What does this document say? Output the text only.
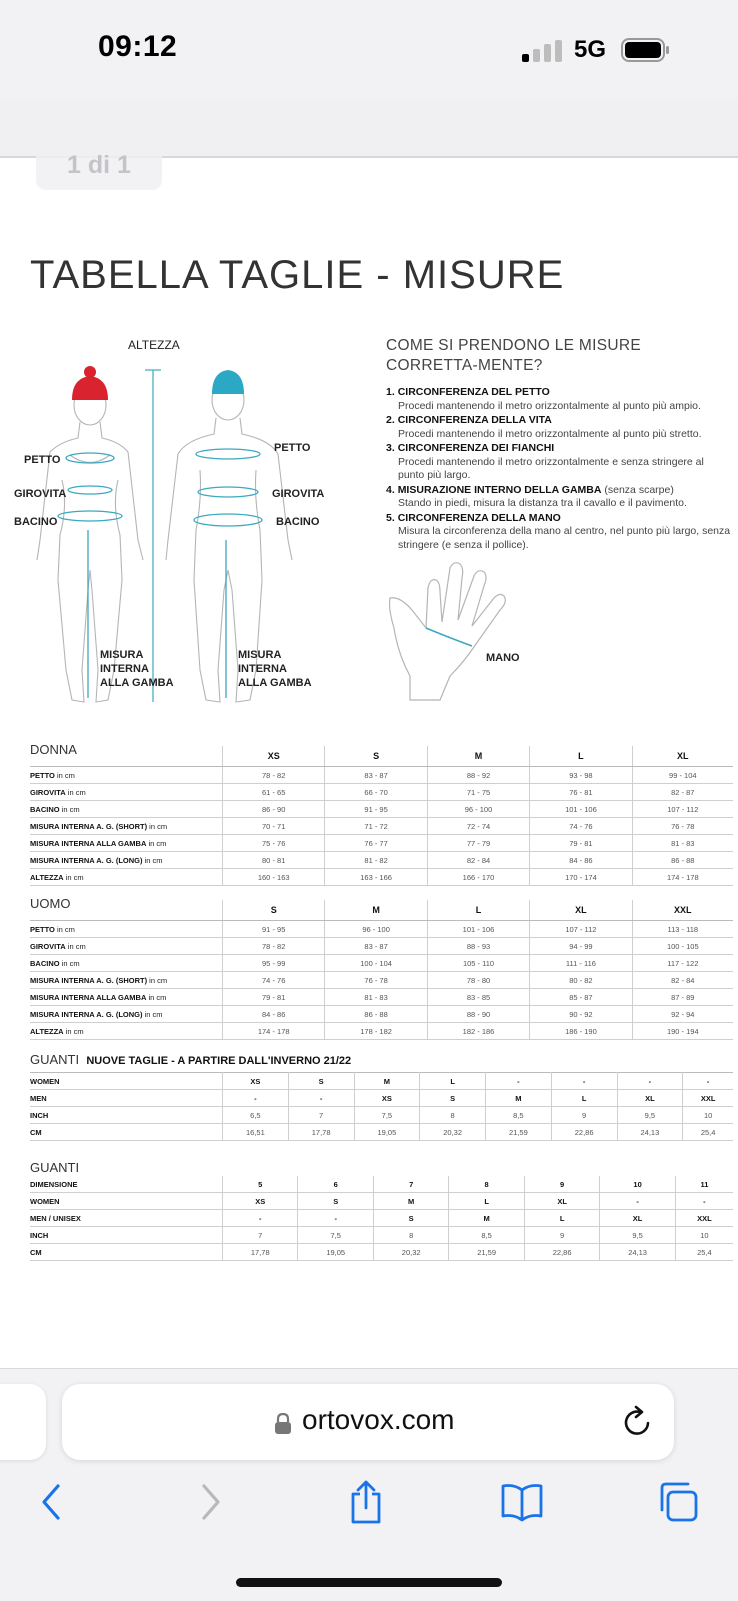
09:12	5G
TABELLA TAGLIE - MISURE
ALTEZZA
PETTO
GIROVITA
BACINO
PETTO
GIROVITA
BACINO
MISURA
INTERNA
ALLA GAMBA
MISURA
INTERNA
ALLA GAMBA
COME SI PRENDONO LE MISURE CORRETTA-MENTE?
1. CIRCONFERENZA DEL PETTO
Procedi mantenendo il metro orizzontalmente al punto più ampio.
2. CIRCONFERENZA DELLA VITA
Procedi mantenendo il metro orizzontalmente al punto più stretto.
3. CIRCONFERENZA DEI FIANCHI
Procedi mantenendo il metro orizzontalmente e senza stringere al punto più largo.
4. MISURAZIONE INTERNO DELLA GAMBA (senza scarpe)
Stando in piedi, misura la distanza tra il cavallo e il pavimento.
5. CIRCONFERENZA DELLA MANO
Misura la circonferenza della mano al centro, nel punto più largo, senza stringere (e senza il pollice).
MANO
DONNA
		XS	S	M	L	XL
PETTO in cm	78 - 82	83 - 87	88 - 92	93 - 98	99 - 104
GIROVITA in cm	61 - 65	66 - 70	71 - 75	76 - 81	82 - 87
BACINO in cm	86 - 90	91 - 95	96 - 100	101 - 106	107 - 112
MISURA INTERNA A. G. (SHORT) in cm	70 - 71	71 - 72	72 - 74	74 - 76	76 - 78
MISURA INTERNA ALLA GAMBA in cm	75 - 76	76 - 77	77 - 79	79 - 81	81 - 83
MISURA INTERNA A. G. (LONG) in cm	80 - 81	81 - 82	82 - 84	84 - 86	86 - 88
ALTEZZA in cm	160 - 163	163 - 166	166 - 170	170 - 174	174 - 178
UOMO
		S	M	L	XL	XXL
PETTO in cm	91 - 95	96 - 100	101 - 106	107 - 112	113 - 118
GIROVITA in cm	78 - 82	83 - 87	88 - 93	94 - 99	100 - 105
BACINO in cm	95 - 99	100 - 104	105 - 110	111 - 116	117 - 122
MISURA INTERNA A. G. (SHORT) in cm	74 - 76	76 - 78	78 - 80	80 - 82	82 - 84
MISURA INTERNA ALLA GAMBA in cm	79 - 81	81 - 83	83 - 85	85 - 87	87 - 89
MISURA INTERNA A. G. (LONG) in cm	84 - 86	86 - 88	88 - 90	90 - 92	92 - 94
ALTEZZA in cm	174 - 178	178 - 182	182 - 186	186 - 190	190 - 194
GUANTI NUOVE TAGLIE - A PARTIRE DALL'INVERNO 21/22
WOMEN	XS	S	M	L	-	-	-	-
MEN	-	-	XS	S	M	L	XL	XXL
INCH	6,5	7	7,5	8	8,5	9	9,5	10
CM	16,51	17,78	19,05	20,32	21,59	22,86	24,13	25,4
GUANTI
DIMENSIONE	5	6	7	8	9	10	11
WOMEN	XS	S	M	L	XL	-	-
MEN / UNISEX	-	-	S	M	L	XL	XXL
INCH	7	7,5	8	8,5	9	9,5	10
CM	17,78	19,05	20,32	21,59	22,86	24,13	25,4
1 di 1
ortovox.com
